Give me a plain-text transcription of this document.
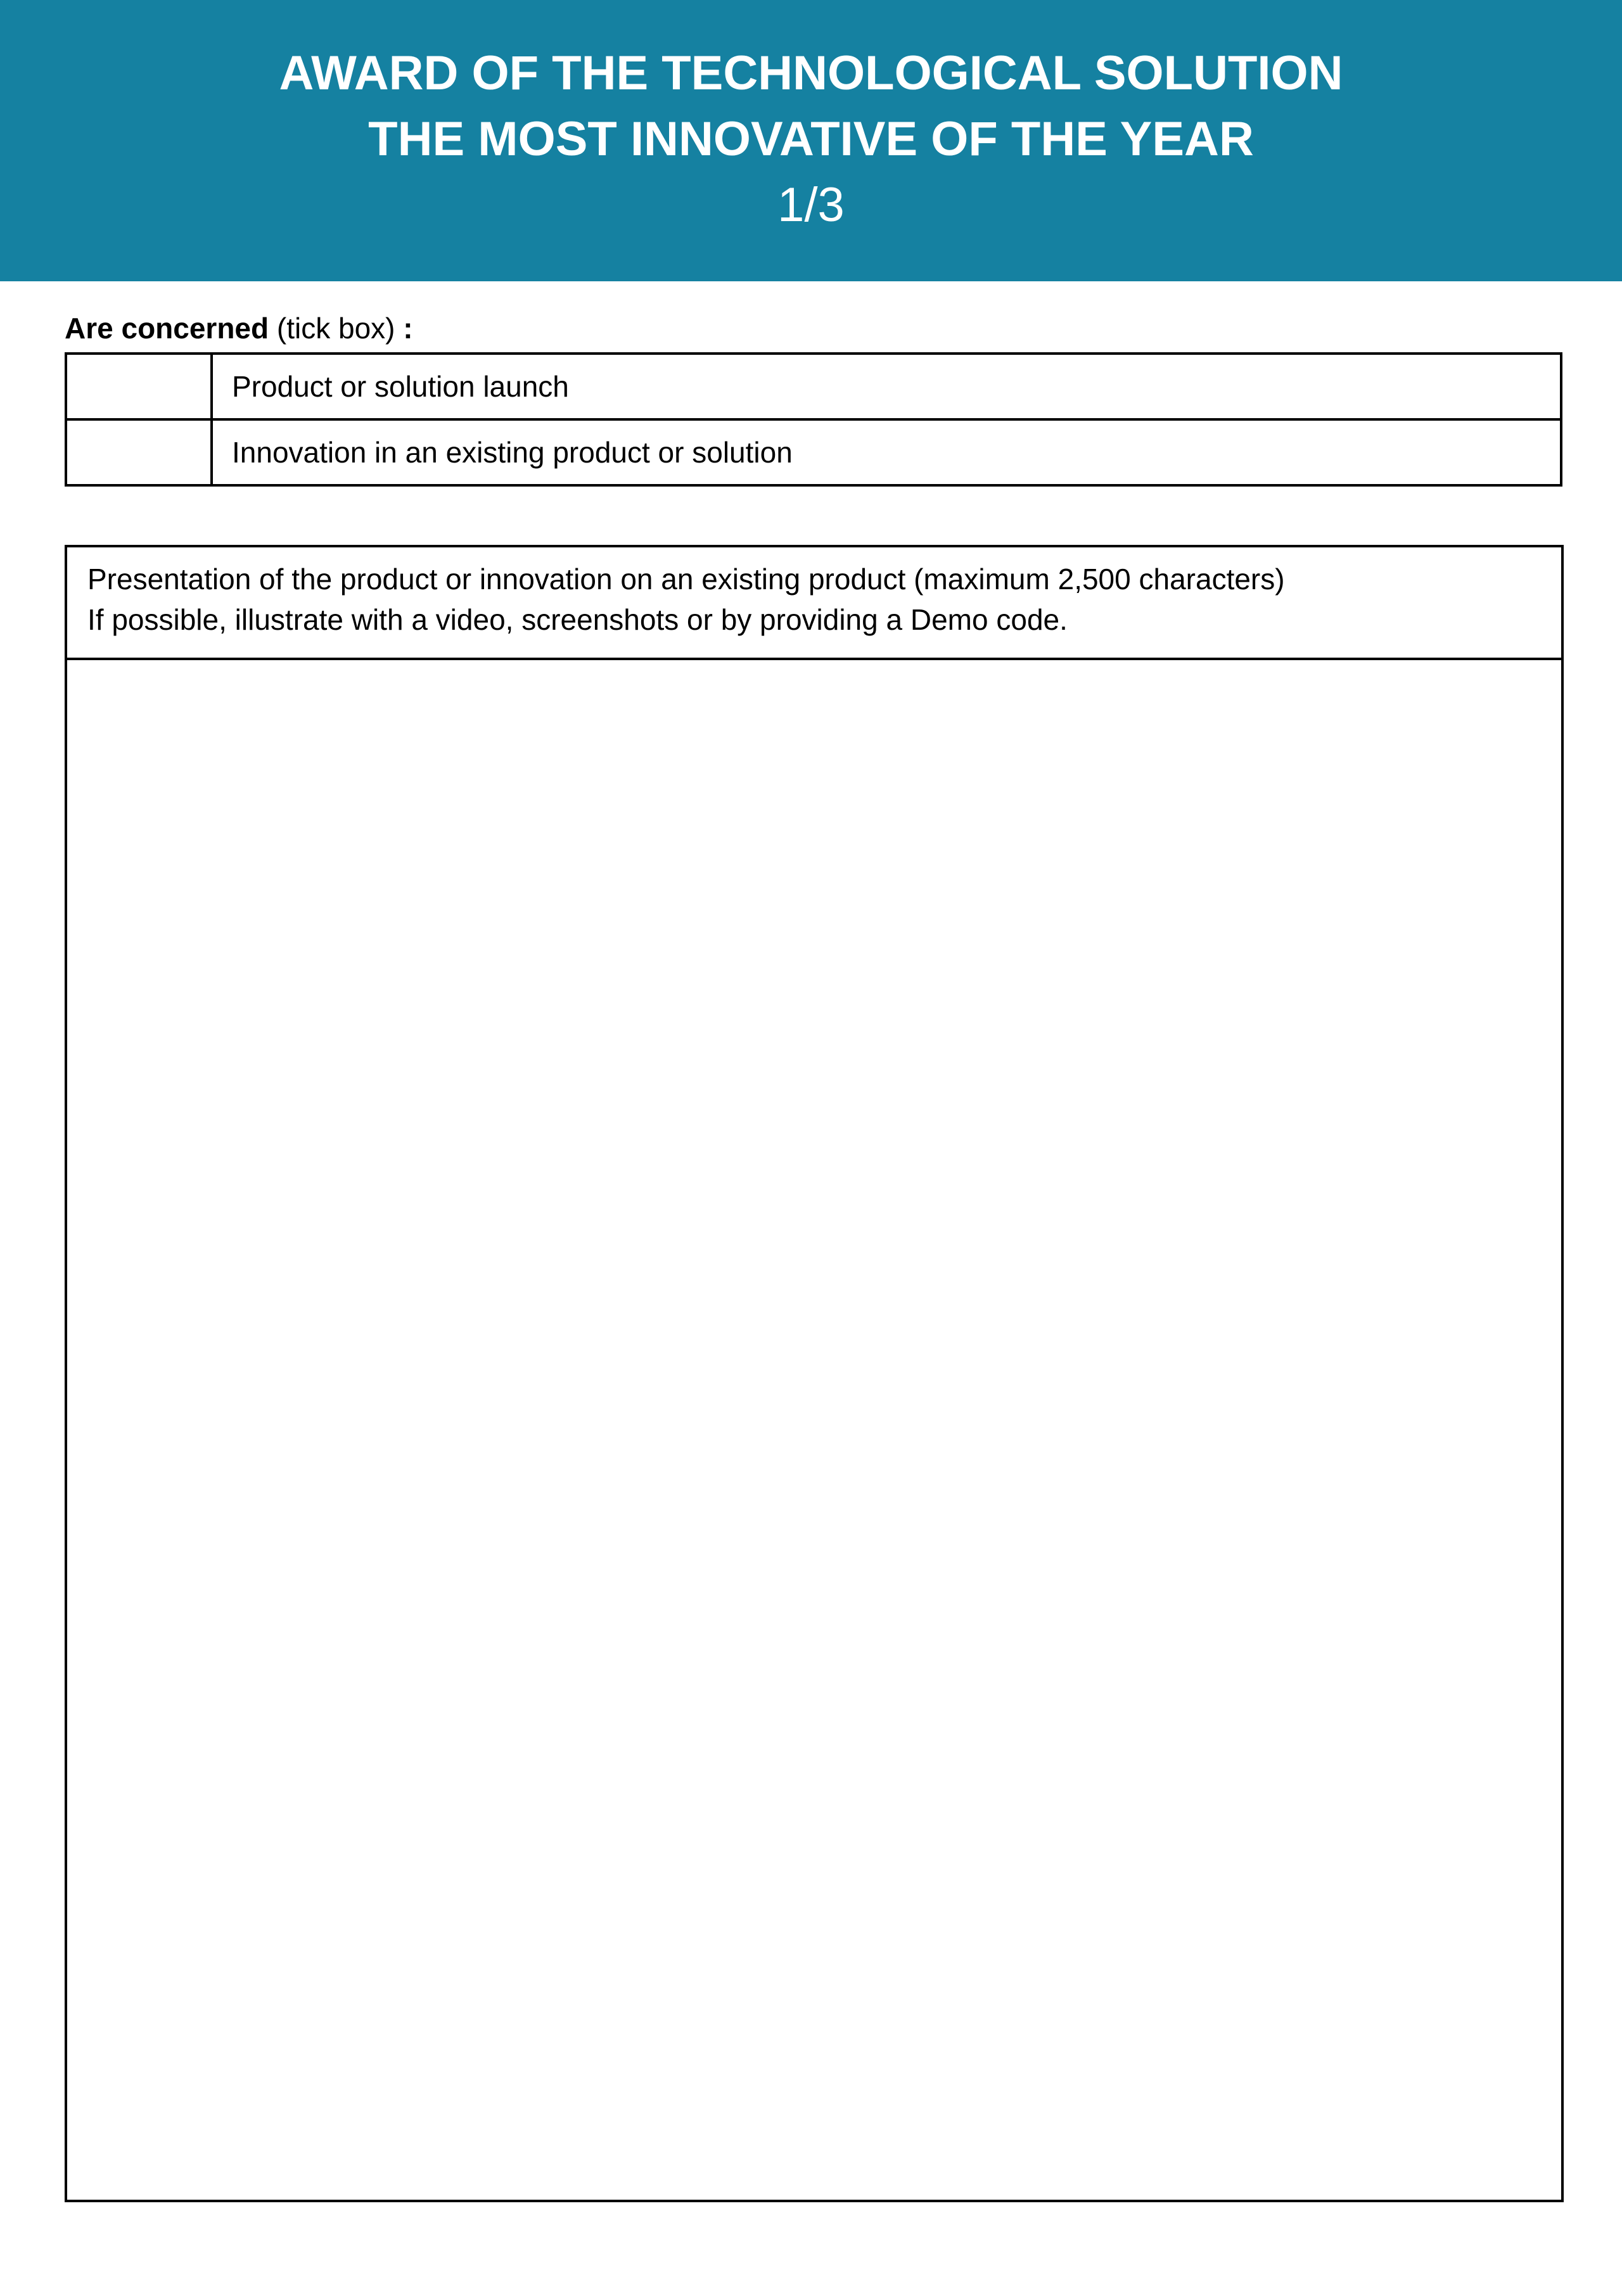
AWARD OF THE TECHNOLOGICAL SOLUTION
THE MOST INNOVATIVE OF THE YEAR
1/3
Are concerned (tick box) :
	Product or solution launch
	Innovation in an existing product or solution
Presentation of the product or innovation on an existing product (maximum 2,500 characters)
If possible, illustrate with a video, screenshots or by providing a Demo code.
